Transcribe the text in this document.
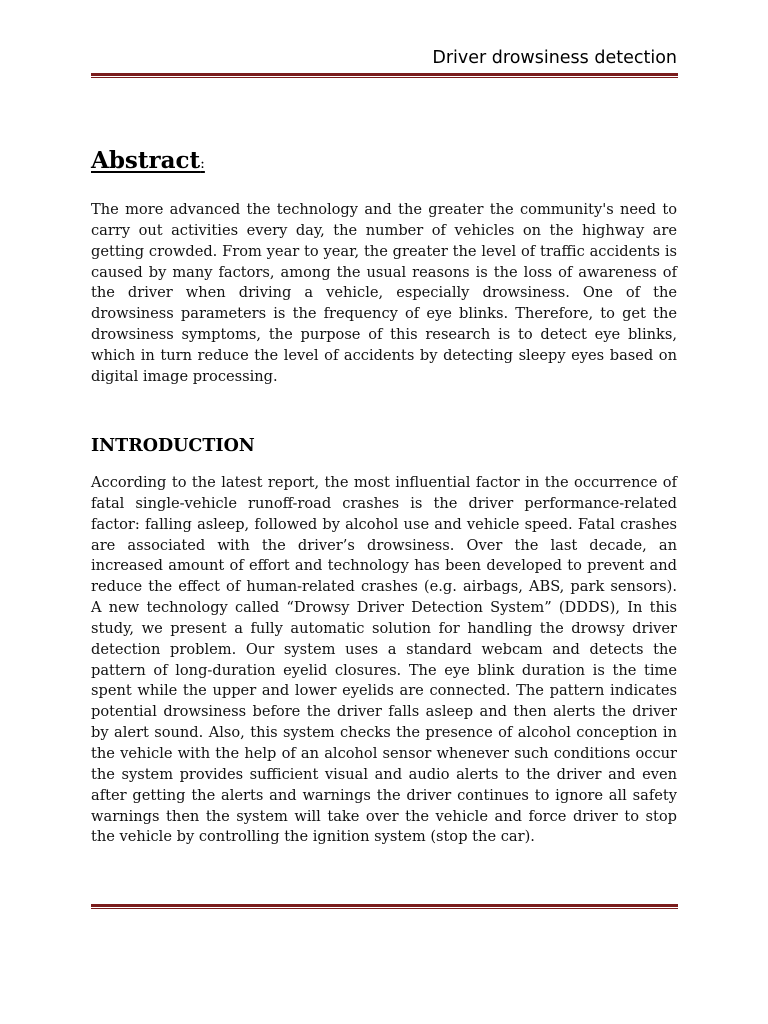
Driver drowsiness detection
Abstract:

The more advanced the technology and the greater the community's need to carry out activities every day, the number of vehicles on the highway are getting crowded. From year to year, the greater the level of traffic accidents is caused by many factors, among the usual reasons is the loss of awareness of the driver when driving a vehicle, especially drowsiness. One of the drowsiness parameters is the frequency of eye blinks. Therefore, to get the drowsiness symptoms, the purpose of this research is to detect eye blinks, which in turn reduce the level of accidents by detecting sleepy eyes based on digital image processing.

INTRODUCTION

According to the latest report, the most influential factor in the occurrence of fatal single-vehicle runoff-road crashes is the driver performance-related factor: falling asleep, followed by alcohol use and vehicle speed. Fatal crashes are associated with the driver’s drowsiness. Over the last decade, an increased amount of effort and technology has been developed to prevent and reduce the effect of human-related crashes (e.g. airbags, ABS, park sensors). A new technology called “Drowsy Driver Detection System” (DDDS), In this study, we present a fully automatic solution for handling the drowsy driver detection problem. Our system uses a standard webcam and detects the pattern of long-duration eyelid closures. The eye blink duration is the time spent while the upper and lower eyelids are connected. The pattern indicates potential drowsiness before the driver falls asleep and then alerts the driver by alert sound. Also, this system checks the presence of alcohol conception in the vehicle with the help of an alcohol sensor whenever such conditions occur the system provides sufficient visual and audio alerts to the driver and even after getting the alerts and warnings the driver continues to ignore all safety warnings then the system will take over the vehicle and force driver to stop the vehicle by controlling the ignition system (stop the car).
